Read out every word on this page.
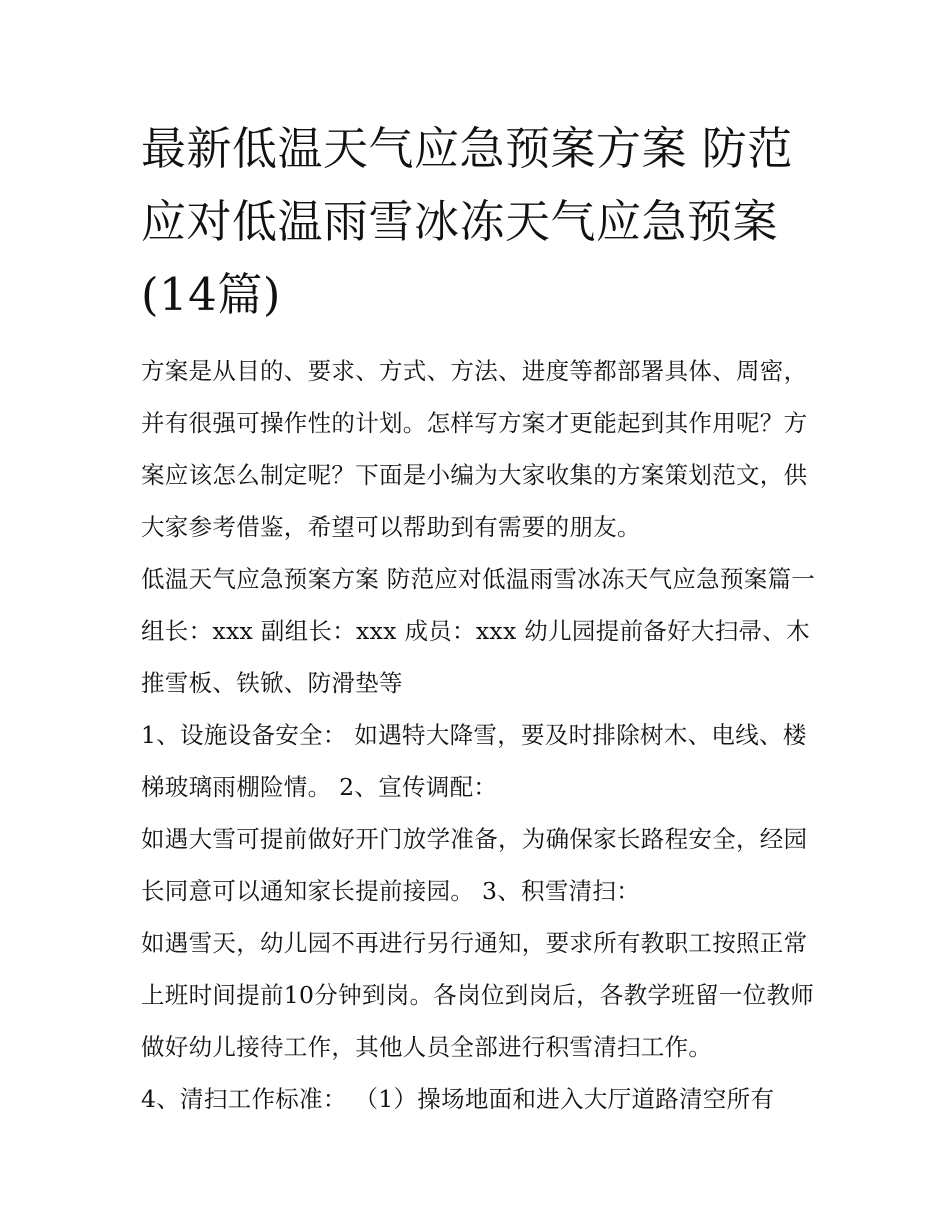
最新低温天气应急预案方案 防范应对低温雨雪冰冻天气应急预案(14篇)

方案是从目的、要求、方式、方法、进度等都部署具体、周密，并有很强可操作性的计划。怎样写方案才更能起到其作用呢？方案应该怎么制定呢？下面是小编为大家收集的方案策划范文，供大家参考借鉴，希望可以帮助到有需要的朋友。

低温天气应急预案方案 防范应对低温雨雪冰冻天气应急预案篇一 组长：xxx 副组长：xxx 成员：xxx 幼儿园提前备好大扫帚、木推雪板、铁锨、防滑垫等

1、设施设备安全： 如遇特大降雪，要及时排除树木、电线、楼梯玻璃雨棚险情。 2、宣传调配：

如遇大雪可提前做好开门放学准备，为确保家长路程安全，经园长同意可以通知家长提前接园。 3、积雪清扫：

如遇雪天，幼儿园不再进行另行通知，要求所有教职工按照正常上班时间提前10分钟到岗。各岗位到岗后，各教学班留一位教师做好幼儿接待工作，其他人员全部进行积雪清扫工作。

4、清扫工作标准： （1）操场地面和进入大厅道路清空所有
